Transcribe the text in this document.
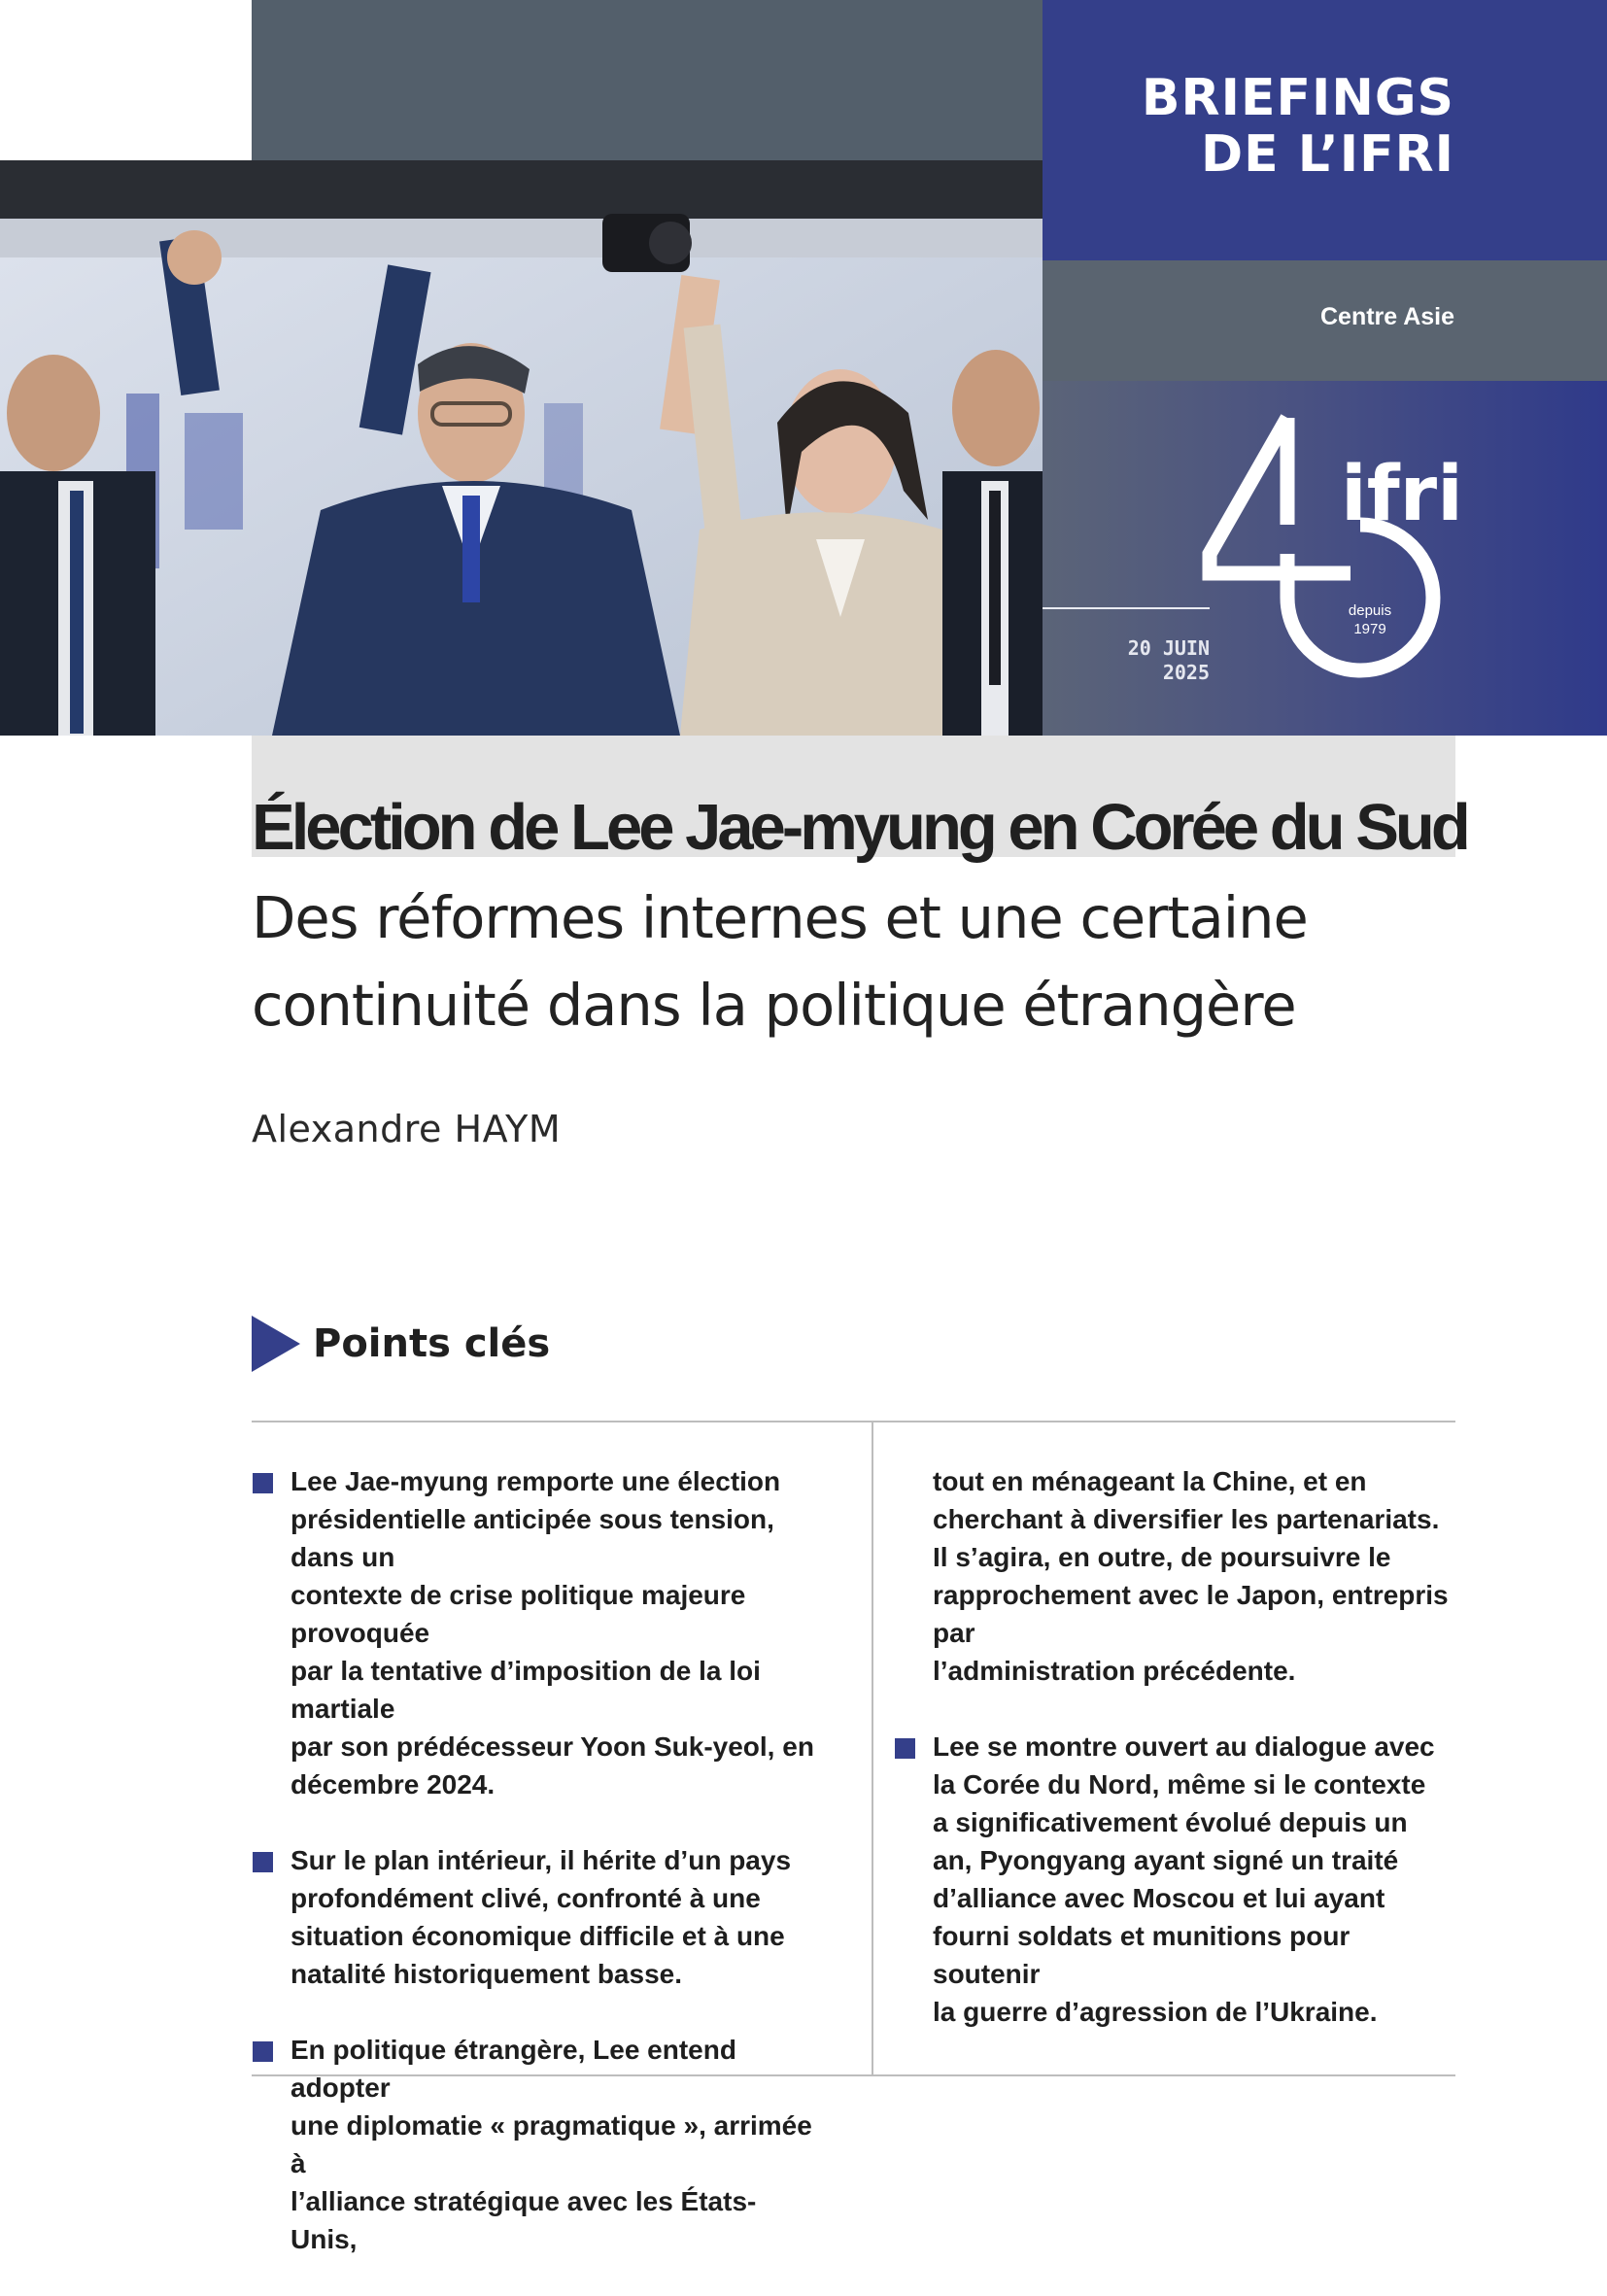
BRIEFINGS
DE L’IFRI
Centre Asie
20 JUIN
2025
ifri
depuis
1979
Élection de Lee Jae-myung en Corée du Sud
Des réformes internes et une certaine
continuité dans la politique étrangère
Alexandre HAYM
Points clés
Lee Jae-myung remporte une élection
présidentielle anticipée sous tension, dans un
contexte de crise politique majeure provoquée
par la tentative d’imposition de la loi martiale
par son prédécesseur Yoon Suk-yeol, en
décembre 2024.
Sur le plan intérieur, il hérite d’un pays
profondément clivé, confronté à une
situation économique difficile et à une
natalité historiquement basse.
En politique étrangère, Lee entend adopter
une diplomatie « pragmatique », arrimée à
l’alliance stratégique avec les États-Unis,
tout en ménageant la Chine, et en
cherchant à diversifier les partenariats.
Il s’agira, en outre, de poursuivre le
rapprochement avec le Japon, entrepris par
l’administration précédente.
Lee se montre ouvert au dialogue avec
la Corée du Nord, même si le contexte
a significativement évolué depuis un
an, Pyongyang ayant signé un traité
d’alliance avec Moscou et lui ayant
fourni soldats et munitions pour soutenir
la guerre d’agression de l’Ukraine.
